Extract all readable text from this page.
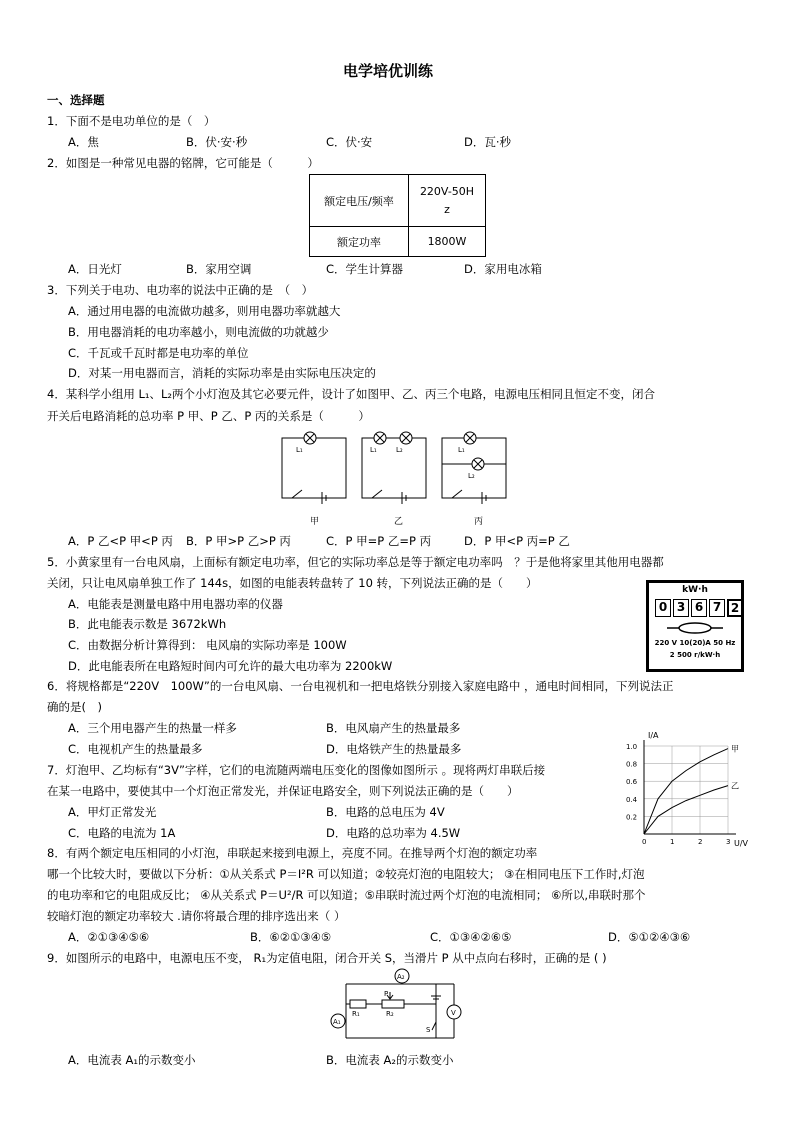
电学培优训练
一、选择题
1．下面不是电功单位的是（　）
A．焦	B．伏·安·秒	C．伏·安	D．瓦·秒
2．如图是一种常见电器的铭牌，它可能是（　　　）
额定电压/频率	220V-50H
z

额定功率	1800W
A．日光灯	B．家用空调	C．学生计算器	D．家用电冰箱
3．下列关于电功、电功率的说法中正确的是　（　）
A．通过用电器的电流做功越多，则用电器功率就越大
B．用电器消耗的电功率越小，则电流做的功就越少
C．千瓦或千瓦时都是电功率的单位
D．对某一用电器而言，消耗的实际功率是由实际电压决定的
4．某科学小组用 L₁、L₂两个小灯泡及其它必要元件，设计了如图甲、乙、丙三个电路，电源电压相同且恒定不变，闭合
开关后电路消耗的总功率 P 甲、P 乙、P 丙的关系是（　　　）
L₁	L₁	L₂	L₁
L₂
甲	乙	丙
A．P 乙<P 甲<P 丙 B．P 甲>P 乙>P 丙	C．P 甲=P 乙=P 丙	D．P 甲<P 丙=P 乙
5．小黄家里有一台电风扇，上面标有额定电功率，但它的实际功率总是等于额定电功率吗　？于是他将家里其他用电器都
关闭，只让电风扇单独工作了 144s，如图的电能表转盘转了 10 转，下列说法正确的是（　　）
A．电能表是测量电路中用电器功率的仪器
B．此电能表示数是 3672kWh
C．由数据分析计算得到： 电风扇的实际功率是 100W
D．此电能表所在电路短时间内可允许的最大电功率为 2200kW
kW·h
0 3 6 7 2
220 V 10(20)A 50 Hz
2 500 r/kW·h
6．将规格都是“220V　100W”的一台电风扇、一台电视机和一把电烙铁分别接入家庭电路中 ，通电时间相同，下列说法正
确的是(　)
A．三个用电器产生的热量一样多	B．电风扇产生的热量最多
C．电视机产生的热量最多	D．电烙铁产生的热量最多
7．灯泡甲、乙均标有“3V”字样，它们的电流随两端电压变化的图像如图所示 。现将两灯串联后接
在某一电路中，要使其中一个灯泡正常发光，并保证电路安全，则下列说法正确的是（　　）
A．甲灯正常发光	B．电路的总电压为 4V
C．电路的电流为 1A	D．电路的总功率为 4.5W
0.2
0.4
0.6
0.8
1.0
0	1	2	3
甲
乙
I/A
U/V
8．有两个额定电压相同的小灯泡，串联起来接到电源上，亮度不同。在推导两个灯泡的额定功率
哪一个比较大时，要做以下分析：①从关系式 P＝I²R 可以知道；②较亮灯泡的电阻较大； ③在相同电压下工作时,灯泡
的电功率和它的电阻成反比； ④从关系式 P＝U²/R 可以知道；⑤串联时流过两个灯泡的电流相同； ⑥所以,串联时那个
较暗灯泡的额定功率较大 .请你将最合理的排序选出来（ ）
A．②①③④⑤⑥	B．⑥②①③④⑤	C．①③④②⑥⑤	D．⑤①②④③⑥
9．如图所示的电路中，电源电压不变， R₁为定值电阻，闭合开关 S，当滑片 P 从中点向右移时，正确的是 ( )
A₂
A₁
V
R₁	R₂
P
S
A．电流表 A₁的示数变小	B．电流表 A₂的示数变小
